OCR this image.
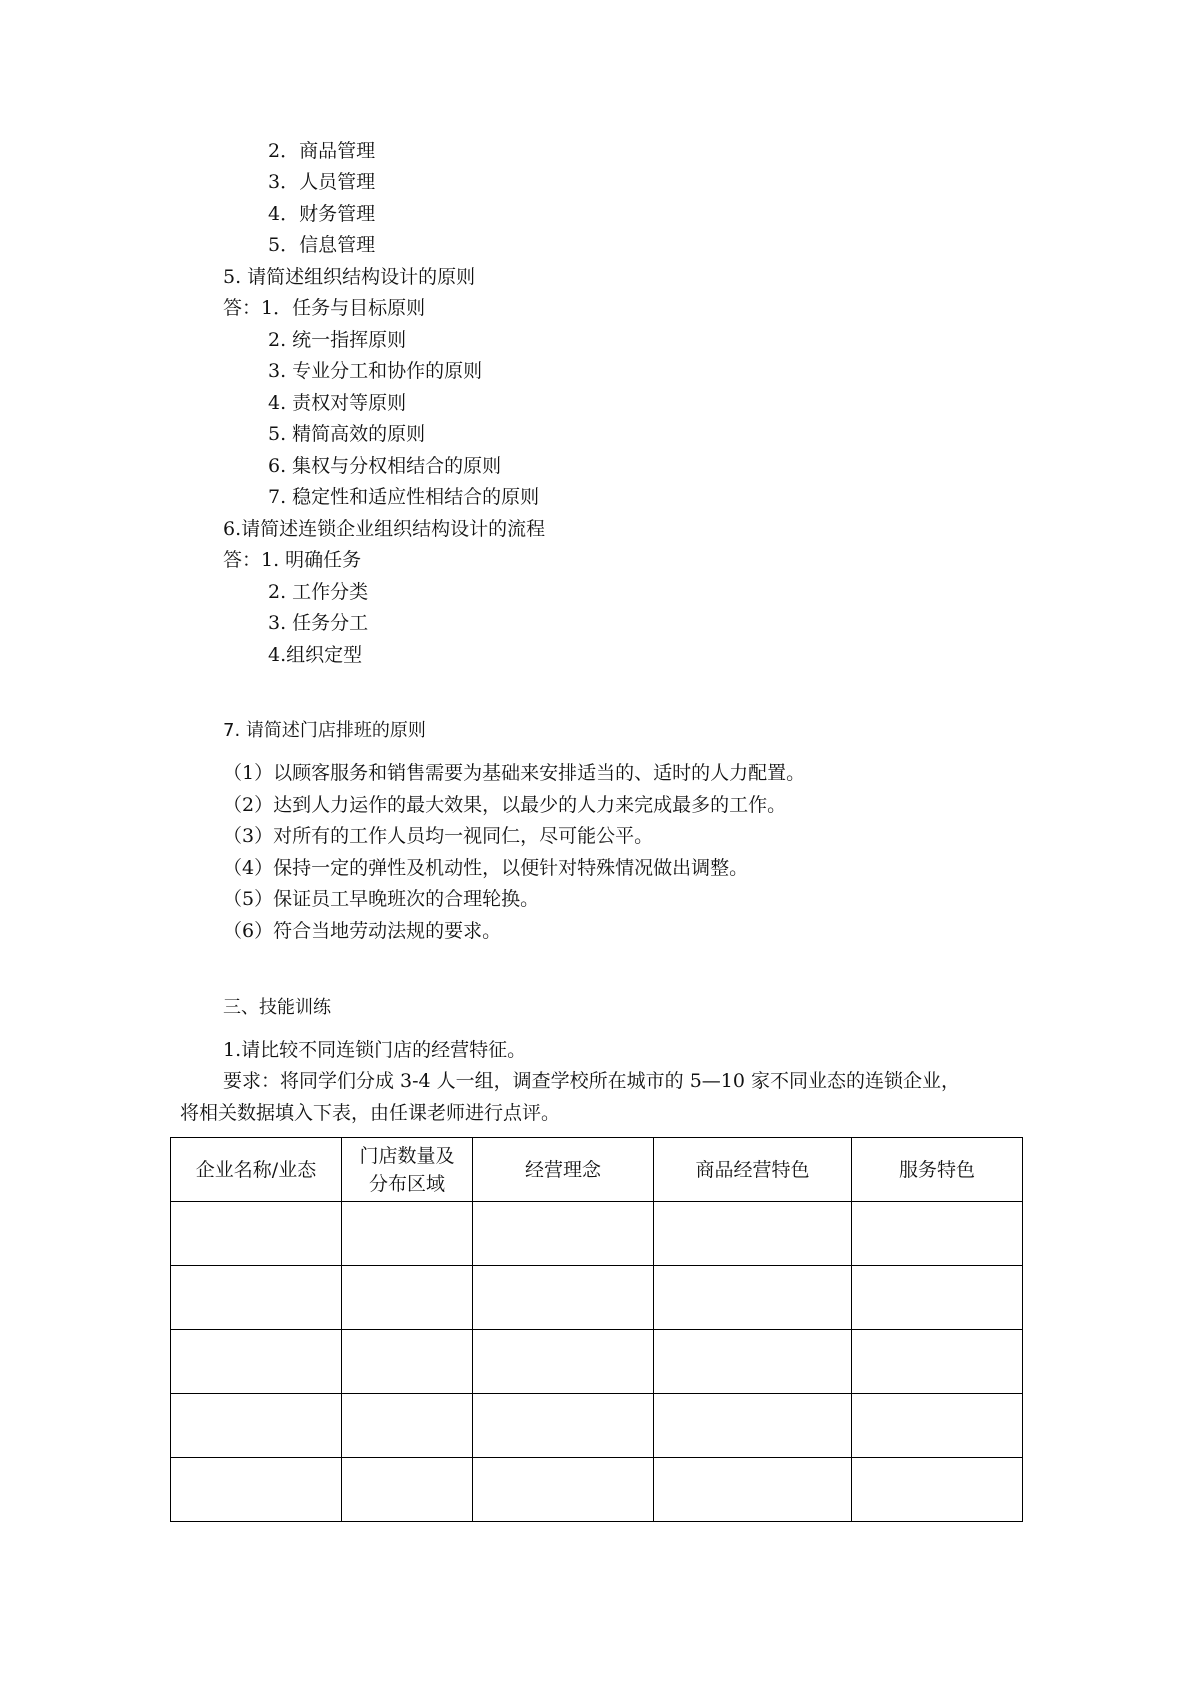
2．商品管理
3．人员管理
4．财务管理
5．信息管理
5. 请简述组织结构设计的原则
答：1．任务与目标原则
2. 统一指挥原则
3. 专业分工和协作的原则
4. 责权对等原则
5. 精简高效的原则
6. 集权与分权相结合的原则
7. 稳定性和适应性相结合的原则
6.请简述连锁企业组织结构设计的流程
答：1. 明确任务
2. 工作分类
3. 任务分工
4.组织定型
7. 请简述门店排班的原则
（1）以顾客服务和销售需要为基础来安排适当的、适时的人力配置。
（2）达到人力运作的最大效果，以最少的人力来完成最多的工作。
（3）对所有的工作人员均一视同仁，尽可能公平。
（4）保持一定的弹性及机动性，以便针对特殊情况做出调整。
（5）保证员工早晚班次的合理轮换。
（6）符合当地劳动法规的要求。
三、技能训练
1.请比较不同连锁门店的经营特征。
要求：将同学们分成 3-4 人一组，调查学校所在城市的 5—10 家不同业态的连锁企业，
将相关数据填入下表，由任课老师进行点评。
企业名称/业态	门店数量及
分布区域	经营理念	商品经营特色	服务特色
